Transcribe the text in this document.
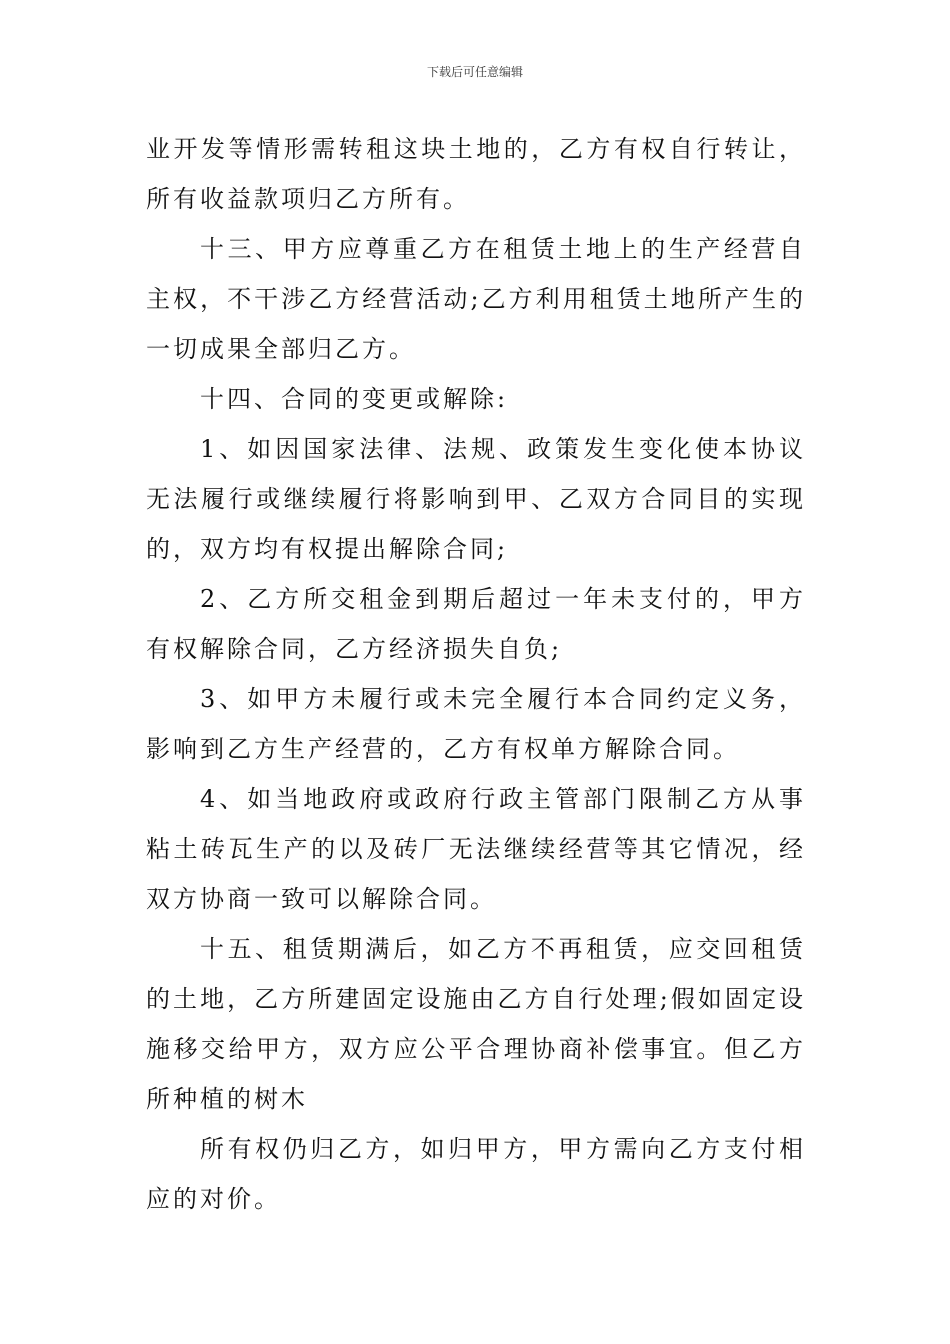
下载后可任意编辑

业开发等情形需转租这块土地的，乙方有权自行转让，所有收益款项归乙方所有。

十三、甲方应尊重乙方在租赁土地上的生产经营自主权，不干涉乙方经营活动;乙方利用租赁土地所产生的一切成果全部归乙方。

十四、合同的变更或解除:

1、如因国家法律、法规、政策发生变化使本协议无法履行或继续履行将影响到甲、乙双方合同目的实现的，双方均有权提出解除合同;

2、乙方所交租金到期后超过一年未支付的，甲方有权解除合同，乙方经济损失自负;

3、如甲方未履行或未完全履行本合同约定义务，影响到乙方生产经营的，乙方有权单方解除合同。

4、如当地政府或政府行政主管部门限制乙方从事粘土砖瓦生产的以及砖厂无法继续经营等其它情况，经双方协商一致可以解除合同。

十五、租赁期满后，如乙方不再租赁，应交回租赁的土地，乙方所建固定设施由乙方自行处理;假如固定设施移交给甲方，双方应公平合理协商补偿事宜。但乙方所种植的树木

所有权仍归乙方，如归甲方，甲方需向乙方支付相应的对价。
